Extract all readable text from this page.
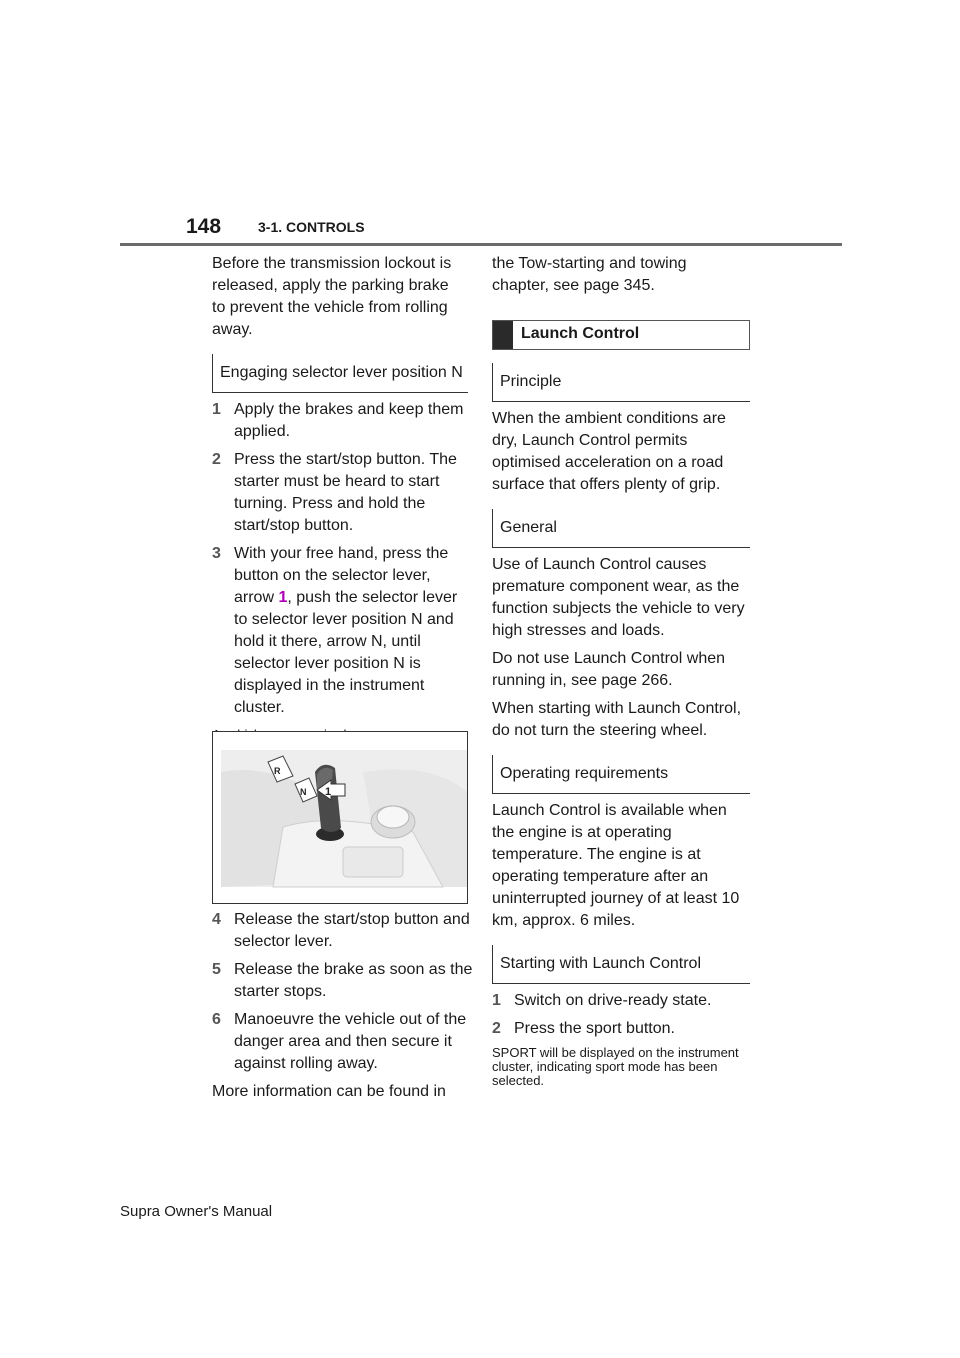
148	3-1. CONTROLS

Before the transmission lockout is released, apply the parking brake to prevent the vehicle from rolling away.

Engaging selector lever position N
1 Apply the brakes and keep them applied.
2 Press the start/stop button. The starter must be heard to start turning. Press and hold the start/stop button.
3 With your free hand, press the button on the selector lever, arrow 1, push the selector lever to selector lever position N and hold it there, arrow N, until selector lever position N is displayed in the instrument cluster.

R
N 1
4 Release the start/stop button and selector lever.
5 Release the brake as soon as the starter stops.
6 Manoeuvre the vehicle out of the danger area and then secure it against rolling away.

More information can be found in

the Tow-starting and towing chapter, see page 345.

Launch Control
Principle

When the ambient conditions are dry, Launch Control permits optimised acceleration on a road surface that offers plenty of grip.

General

Use of Launch Control causes premature component wear, as the function subjects the vehicle to very high stresses and loads.

Do not use Launch Control when running in, see page 266.

When starting with Launch Control, do not turn the steering wheel.

Operating requirements

Launch Control is available when the engine is at operating temperature. The engine is at operating temperature after an uninterrupted journey of at least 10 km, approx. 6 miles.

Starting with Launch Control
1 Switch on drive-ready state.
2 Press the sport button.

SPORT will be displayed on the instrument cluster, indicating sport mode has been selected.

Supra Owner's Manual
